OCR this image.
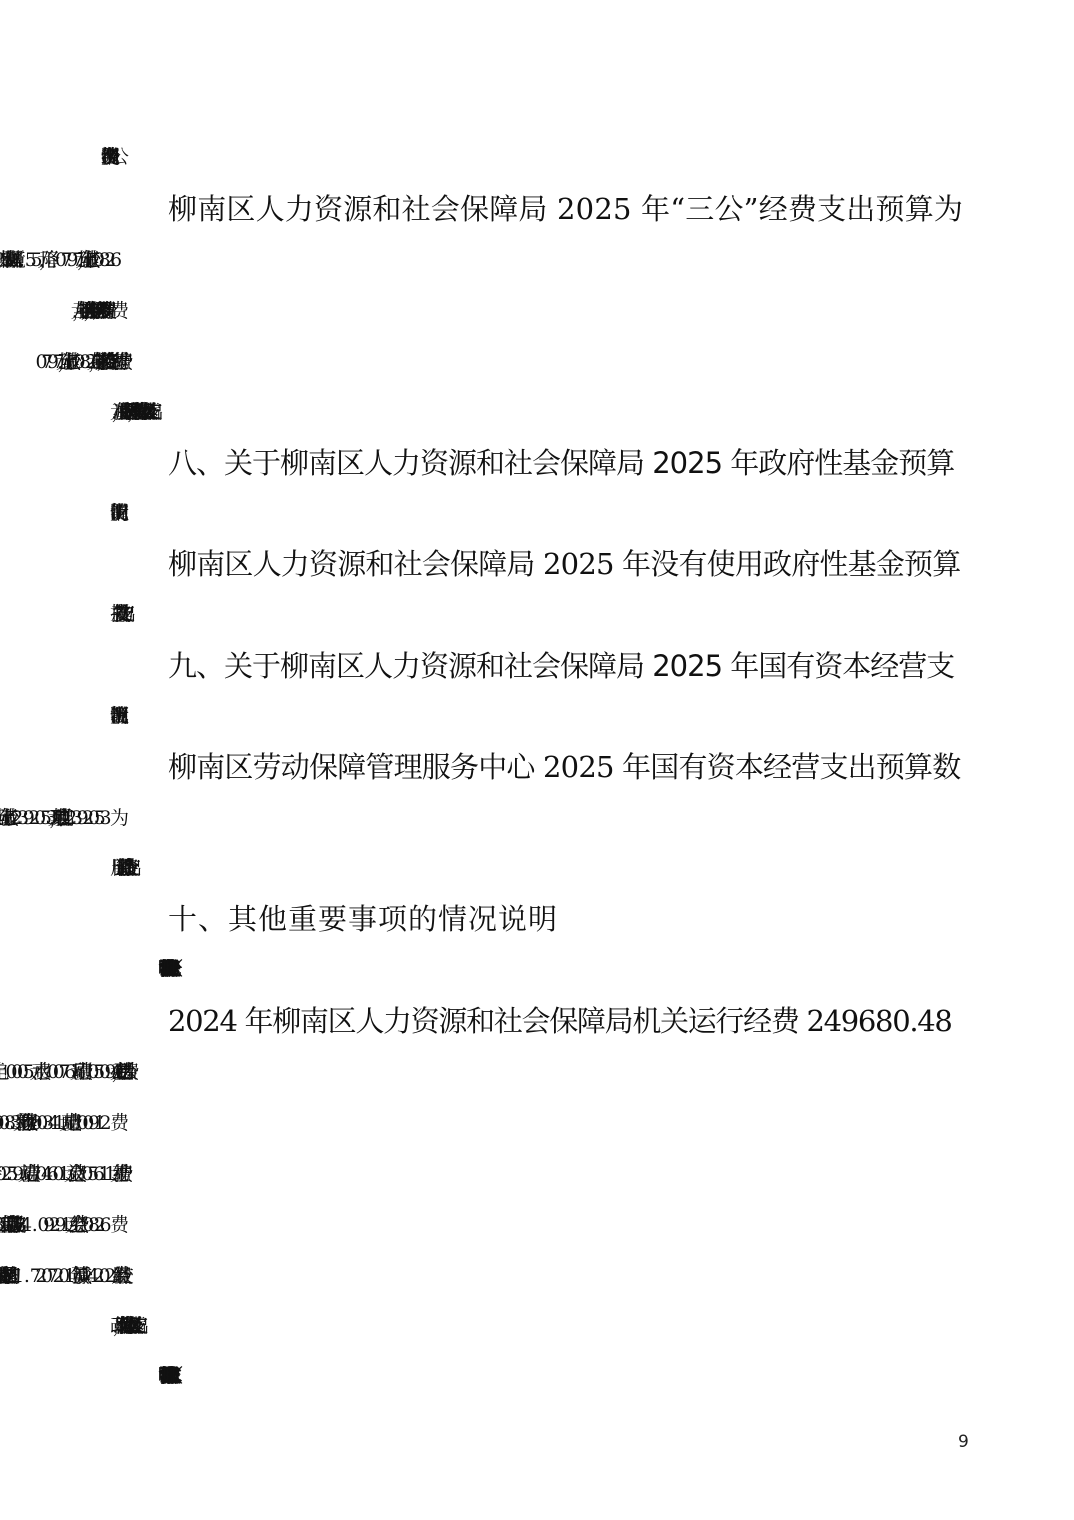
柳南区人力资源和社会保障局 2025 年“三公”经费支出预算为
元，减少的主要原因是机构改革，取消劳动保障监察大队及压缩支出。
八、关于柳南区人力资源和社会保障局 2025 年政府性基金预算
支出情况的说明
柳南区人力资源和社会保障局 2025 年没有使用政府性基金预算
拨款安排的支出。
九、关于柳南区人力资源和社会保障局 2025 年国有资本经营支
出预算情况说明
柳南区劳动保障管理服务中心 2025 年国有资本经营支出预算数
用于国企退管补助资金支出。
十、其他重要事项的情况说明
2024 年柳南区人力资源和社会保障局机关运行经费 249680.48
改革，取消劳动保障监察大队及压缩支出。
9
